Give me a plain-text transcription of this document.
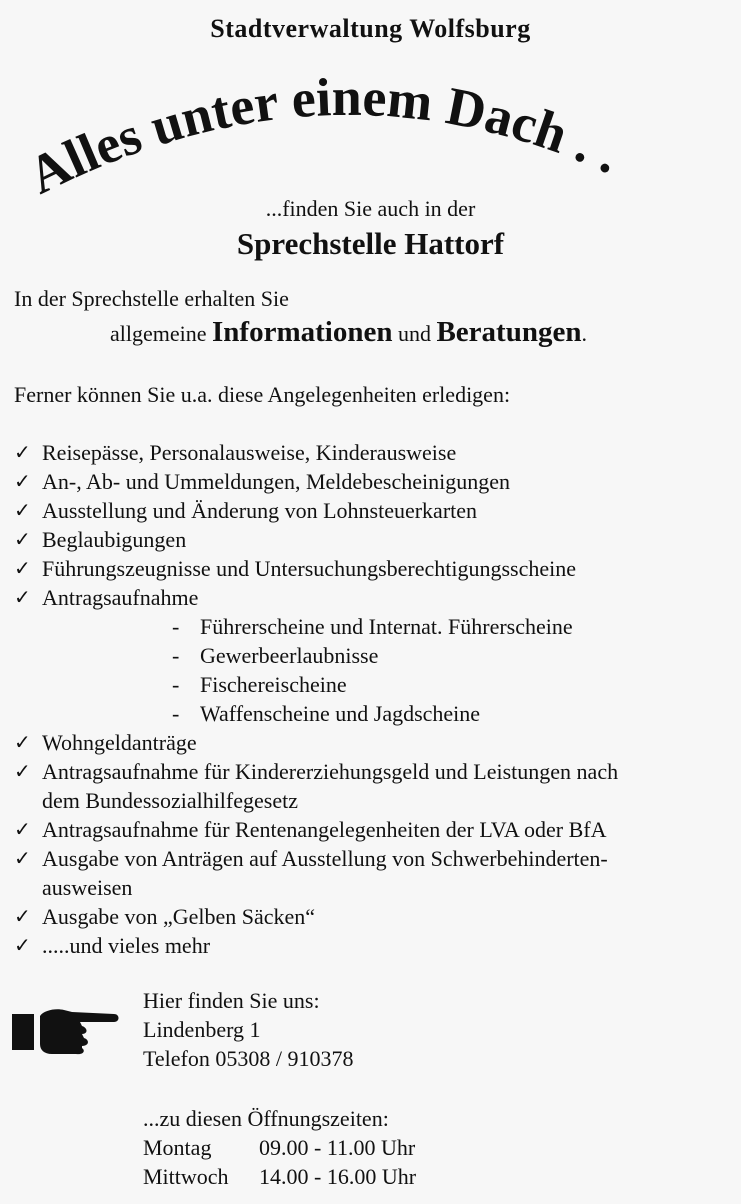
Stadtverwaltung Wolfsburg
Alles unter einem Dach . .
...finden Sie auch in der
Sprechstelle Hattorf
In der Sprechstelle erhalten Sie
allgemeine Informationen und Beratungen.
Ferner können Sie u.a. diese Angelegenheiten erledigen:
✓ Reisepässe, Personalausweise, Kinderausweise
✓ An-, Ab- und Ummeldungen, Meldebescheinigungen
✓ Ausstellung und Änderung von Lohnsteuerkarten
✓ Beglaubigungen
✓ Führungszeugnisse und Untersuchungsberechtigungsscheine
✓ Antragsaufnahme
- Führerscheine und Internat. Führerscheine
- Gewerbeerlaubnisse
- Fischereischeine
- Waffenscheine und Jagdscheine
✓ Wohngeldanträge
✓ Antragsaufnahme für Kindererziehungsgeld und Leistungen nach
dem Bundessozialhilfegesetz
✓ Antragsaufnahme für Rentenangelegenheiten der LVA oder BfA
✓ Ausgabe von Anträgen auf Ausstellung von Schwerbehinderten-
ausweisen
✓ Ausgabe von „Gelben Säcken“
✓ .....und vieles mehr
Hier finden Sie uns:
Lindenberg 1
Telefon 05308 / 910378
...zu diesen Öffnungszeiten:
Montag 09.00 - 11.00 Uhr
Mittwoch 14.00 - 16.00 Uhr
